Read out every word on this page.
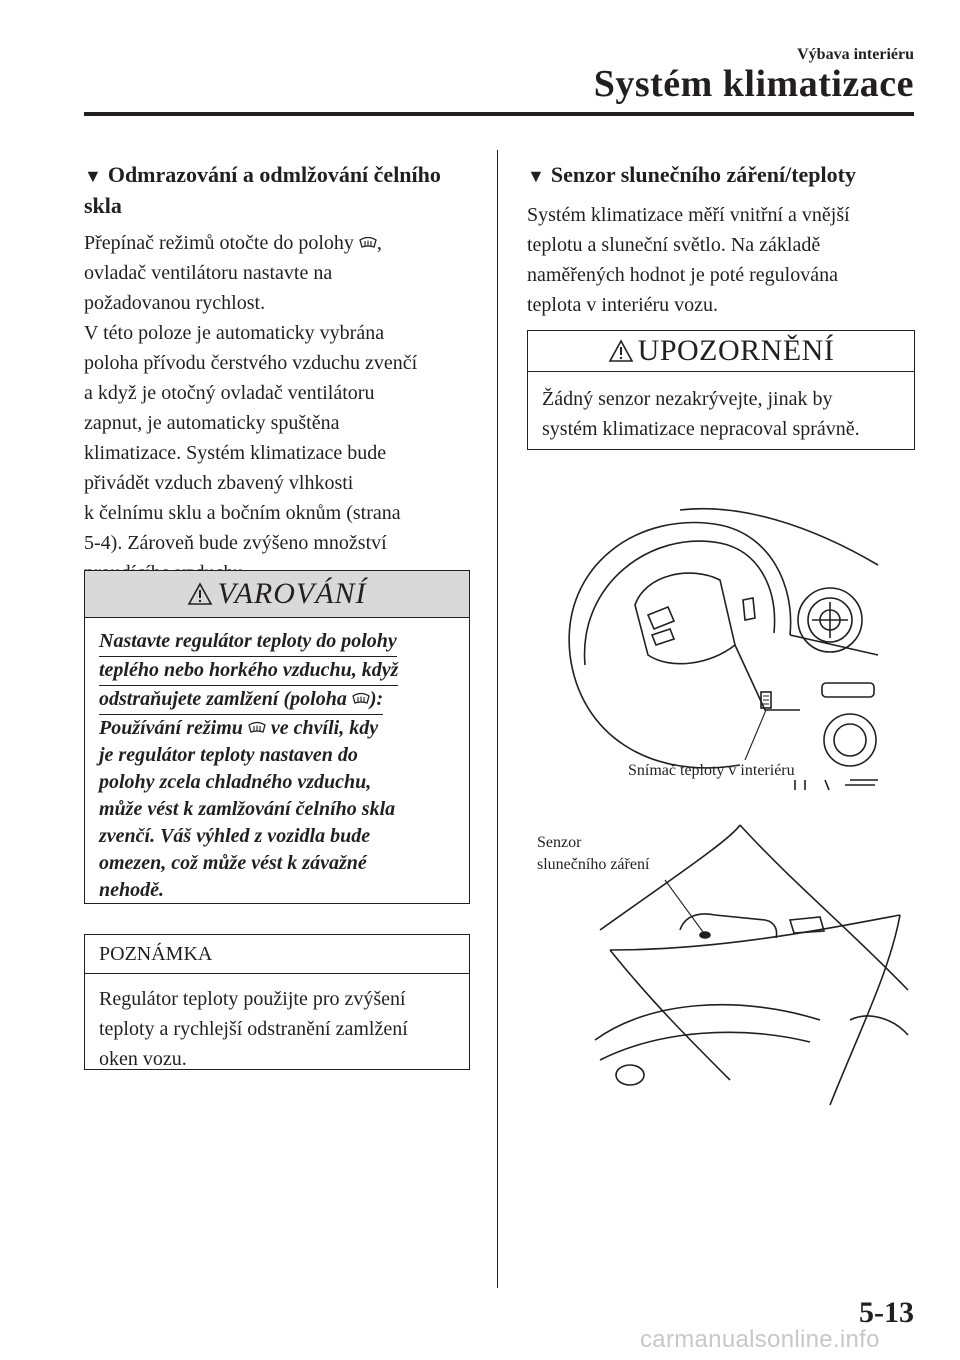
Výbava interiéru
Systém klimatizace
▼ Odmrazování a odmlžování čelního skla

Přepínač režimů otočte do polohy ,

ovladač ventilátoru nastavte na

požadovanou rychlost.

V této poloze je automaticky vybrána

poloha přívodu čerstvého vzduchu zvenčí

a když je otočný ovladač ventilátoru

zapnut, je automaticky spuštěna

klimatizace. Systém klimatizace bude

přivádět vzduch zbavený vlhkosti

k čelnímu sklu a bočním oknům (strana

5-4). Zároveň bude zvýšeno množství

VAROVÁNÍ
Nastavte regulátor teploty do polohy
teplého nebo horkého vzduchu, když
odstraňujete zamlžení (poloha ):
Používání režimu ve chvíli, kdy
je regulátor teploty nastaven do
polohy zcela chladného vzduchu,
může vést k zamlžování čelního skla
zvenčí. Váš výhled z vozidla bude
omezen, což může vést k závažné
nehodě.
POZNÁMKA
Regulátor teploty použijte pro zvýšení
teploty a rychlejší odstranění zamlžení
oken vozu.
▼ Senzor slunečního záření/teploty

Systém klimatizace měří vnitřní a vnější

teplotu a sluneční světlo. Na základě

naměřených hodnot je poté regulována

teplota v interiéru vozu.

UPOZORNĚNÍ
Žádný senzor nezakrývejte, jinak by
systém klimatizace nepracoval správně.
Snímač teploty v interiéru
Senzor
slunečního záření
5-13
carmanualsonline.info
